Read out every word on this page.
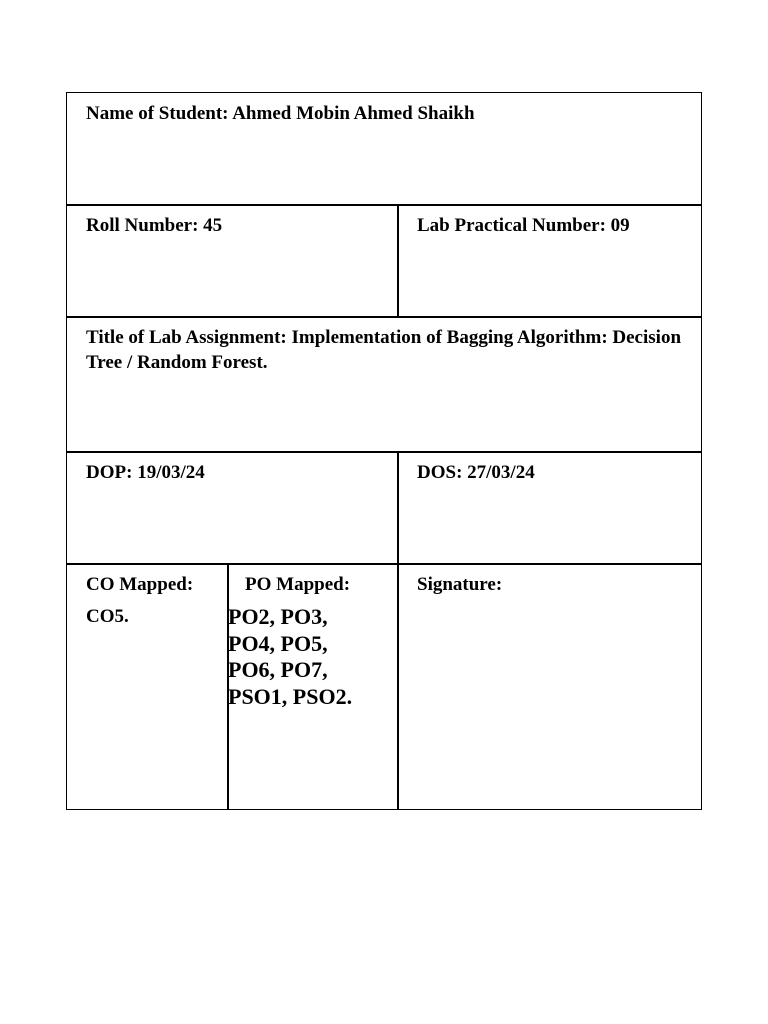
Name of Student: Ahmed Mobin Ahmed Shaikh
Roll Number: 45	Lab Practical Number: 09
Title of Lab Assignment: Implementation of Bagging Algorithm: Decision Tree / Random Forest.
DOP: 19/03/24	DOS: 27/03/24
CO Mapped:
CO5.
PO Mapped:
PO2, PO3,
PO4, PO5,
PO6, PO7,
PSO1, PSO2.
Signature:
